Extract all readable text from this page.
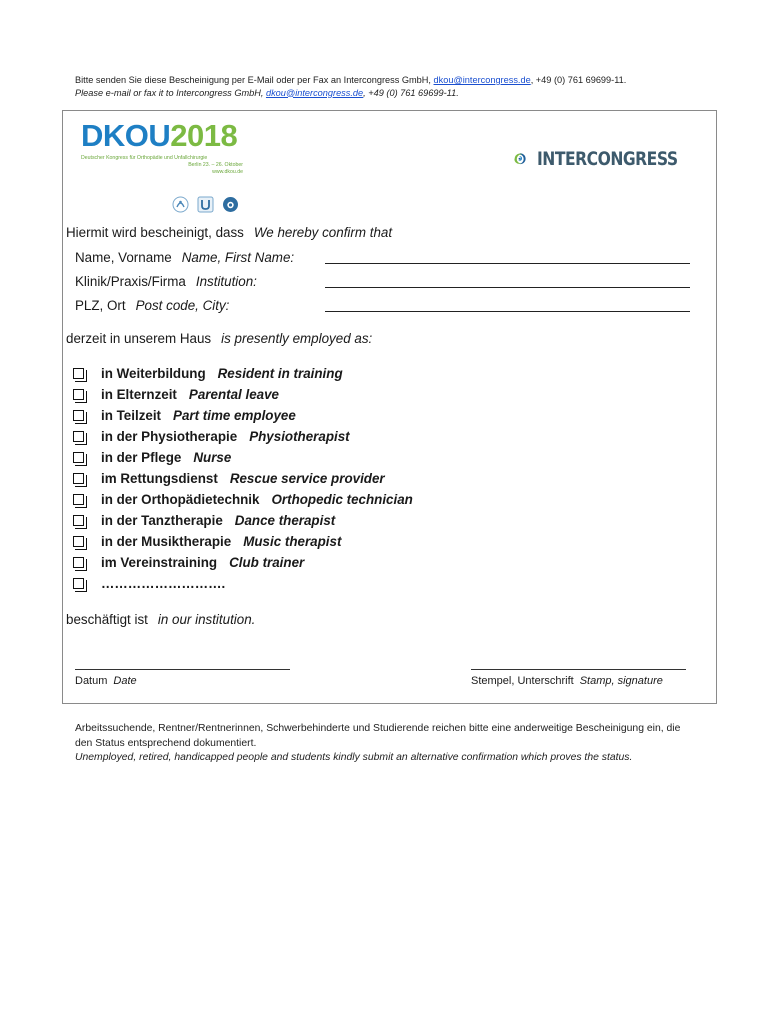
Bitte senden Sie diese Bescheinigung per E-Mail oder per Fax an Intercongress GmbH, dkou@intercongress.de, +49 (0) 761 69699-11.
Please e-mail or fax it to Intercongress GmbH, dkou@intercongress.de, +49 (0) 761 69699-11.
DKOU2018
Deutscher Kongress für Orthopädie und Unfallchirurgie
Berlin 23. – 26. Oktober
www.dkou.de
INTERCONGRESS
Hiermit wird bescheinigt, dass We hereby confirm that
Name, Vorname Name, First Name:
Klinik/Praxis/Firma Institution:
PLZ, Ort Post code, City:
derzeit in unserem Haus is presently employed as:
in Weiterbildung Resident in training
in Elternzeit Parental leave
in Teilzeit Part time employee
in der Physiotherapie Physiotherapist
in der Pflege Nurse
im Rettungsdienst Rescue service provider
in der Orthopädietechnik Orthopedic technician
in der Tanztherapie Dance therapist
in der Musiktherapie Music therapist
im Vereinstraining Club trainer
……………………….
beschäftigt ist in our institution.
Datum Date	Stempel, Unterschrift Stamp, signature
Arbeitssuchende, Rentner/Rentnerinnen, Schwerbehinderte und Studierende reichen bitte eine anderweitige Bescheinigung ein, die den Status entsprechend dokumentiert.
Unemployed, retired, handicapped people and students kindly submit an alternative confirmation which proves the status.
